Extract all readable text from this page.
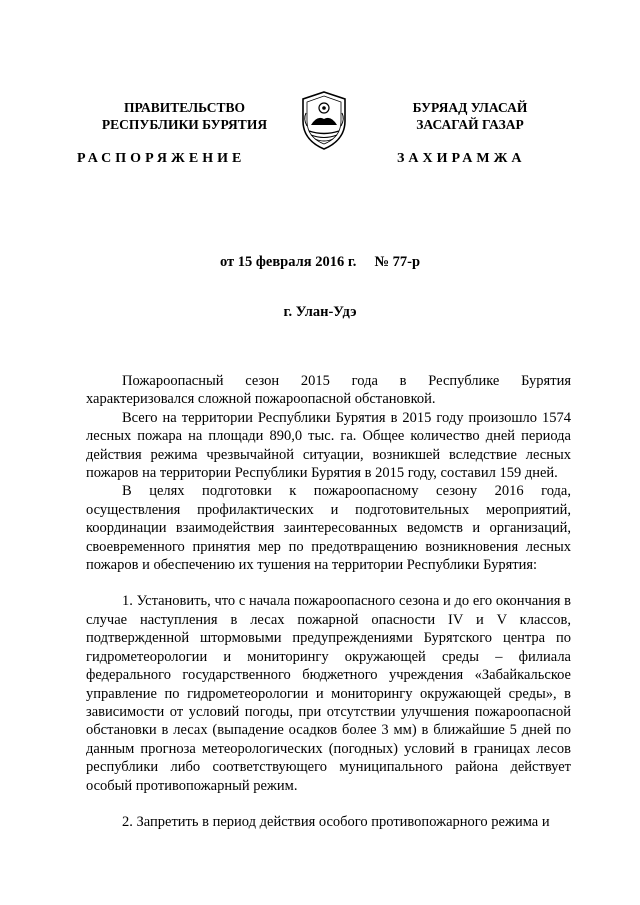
ПРАВИТЕЛЬСТВО
РЕСПУБЛИКИ БУРЯТИЯ
БУРЯАД УЛАСАЙ
ЗАСАГАЙ ГАЗАР
РАСПОРЯЖЕНИЕ	ЗАХИРАМЖА
от 15 февраля 2016 г. № 77-р
г. Улан-Удэ

Пожароопасный сезон 2015 года в Республике Бурятия характеризовался сложной пожароопасной обстановкой.

Всего на территории Республики Бурятия в 2015 году произошло 1574 лесных пожара на площади 890,0 тыс. га. Общее количество дней периода действия режима чрезвычайной ситуации, возникшей вследствие лесных пожаров на территории Республики Бурятия в 2015 году, составил 159 дней.

В целях подготовки к пожароопасному сезону 2016 года, осуществления профилактических и подготовительных мероприятий, координации взаимодействия заинтересованных ведомств и организаций, своевременного принятия мер по предотвращению возникновения лесных пожаров и обеспечению их тушения на территории Республики Бурятия:

1. Установить, что с начала пожароопасного сезона и до его окончания в случае наступления в лесах пожарной опасности IV и V классов, подтвержденной штормовыми предупреждениями Бурятского центра по гидрометеорологии и мониторингу окружающей среды – филиала федерального государственного бюджетного учреждения «Забайкальское управление по гидрометеорологии и мониторингу окружающей среды», в зависимости от условий погоды, при отсутствии улучшения пожароопасной обстановки в лесах (выпадение осадков более 3 мм) в ближайшие 5 дней по данным прогноза метеорологических (погодных) условий в границах лесов республики либо соответствующего муниципального района действует особый противопожарный режим.

2. Запретить в период действия особого противопожарного режима и
